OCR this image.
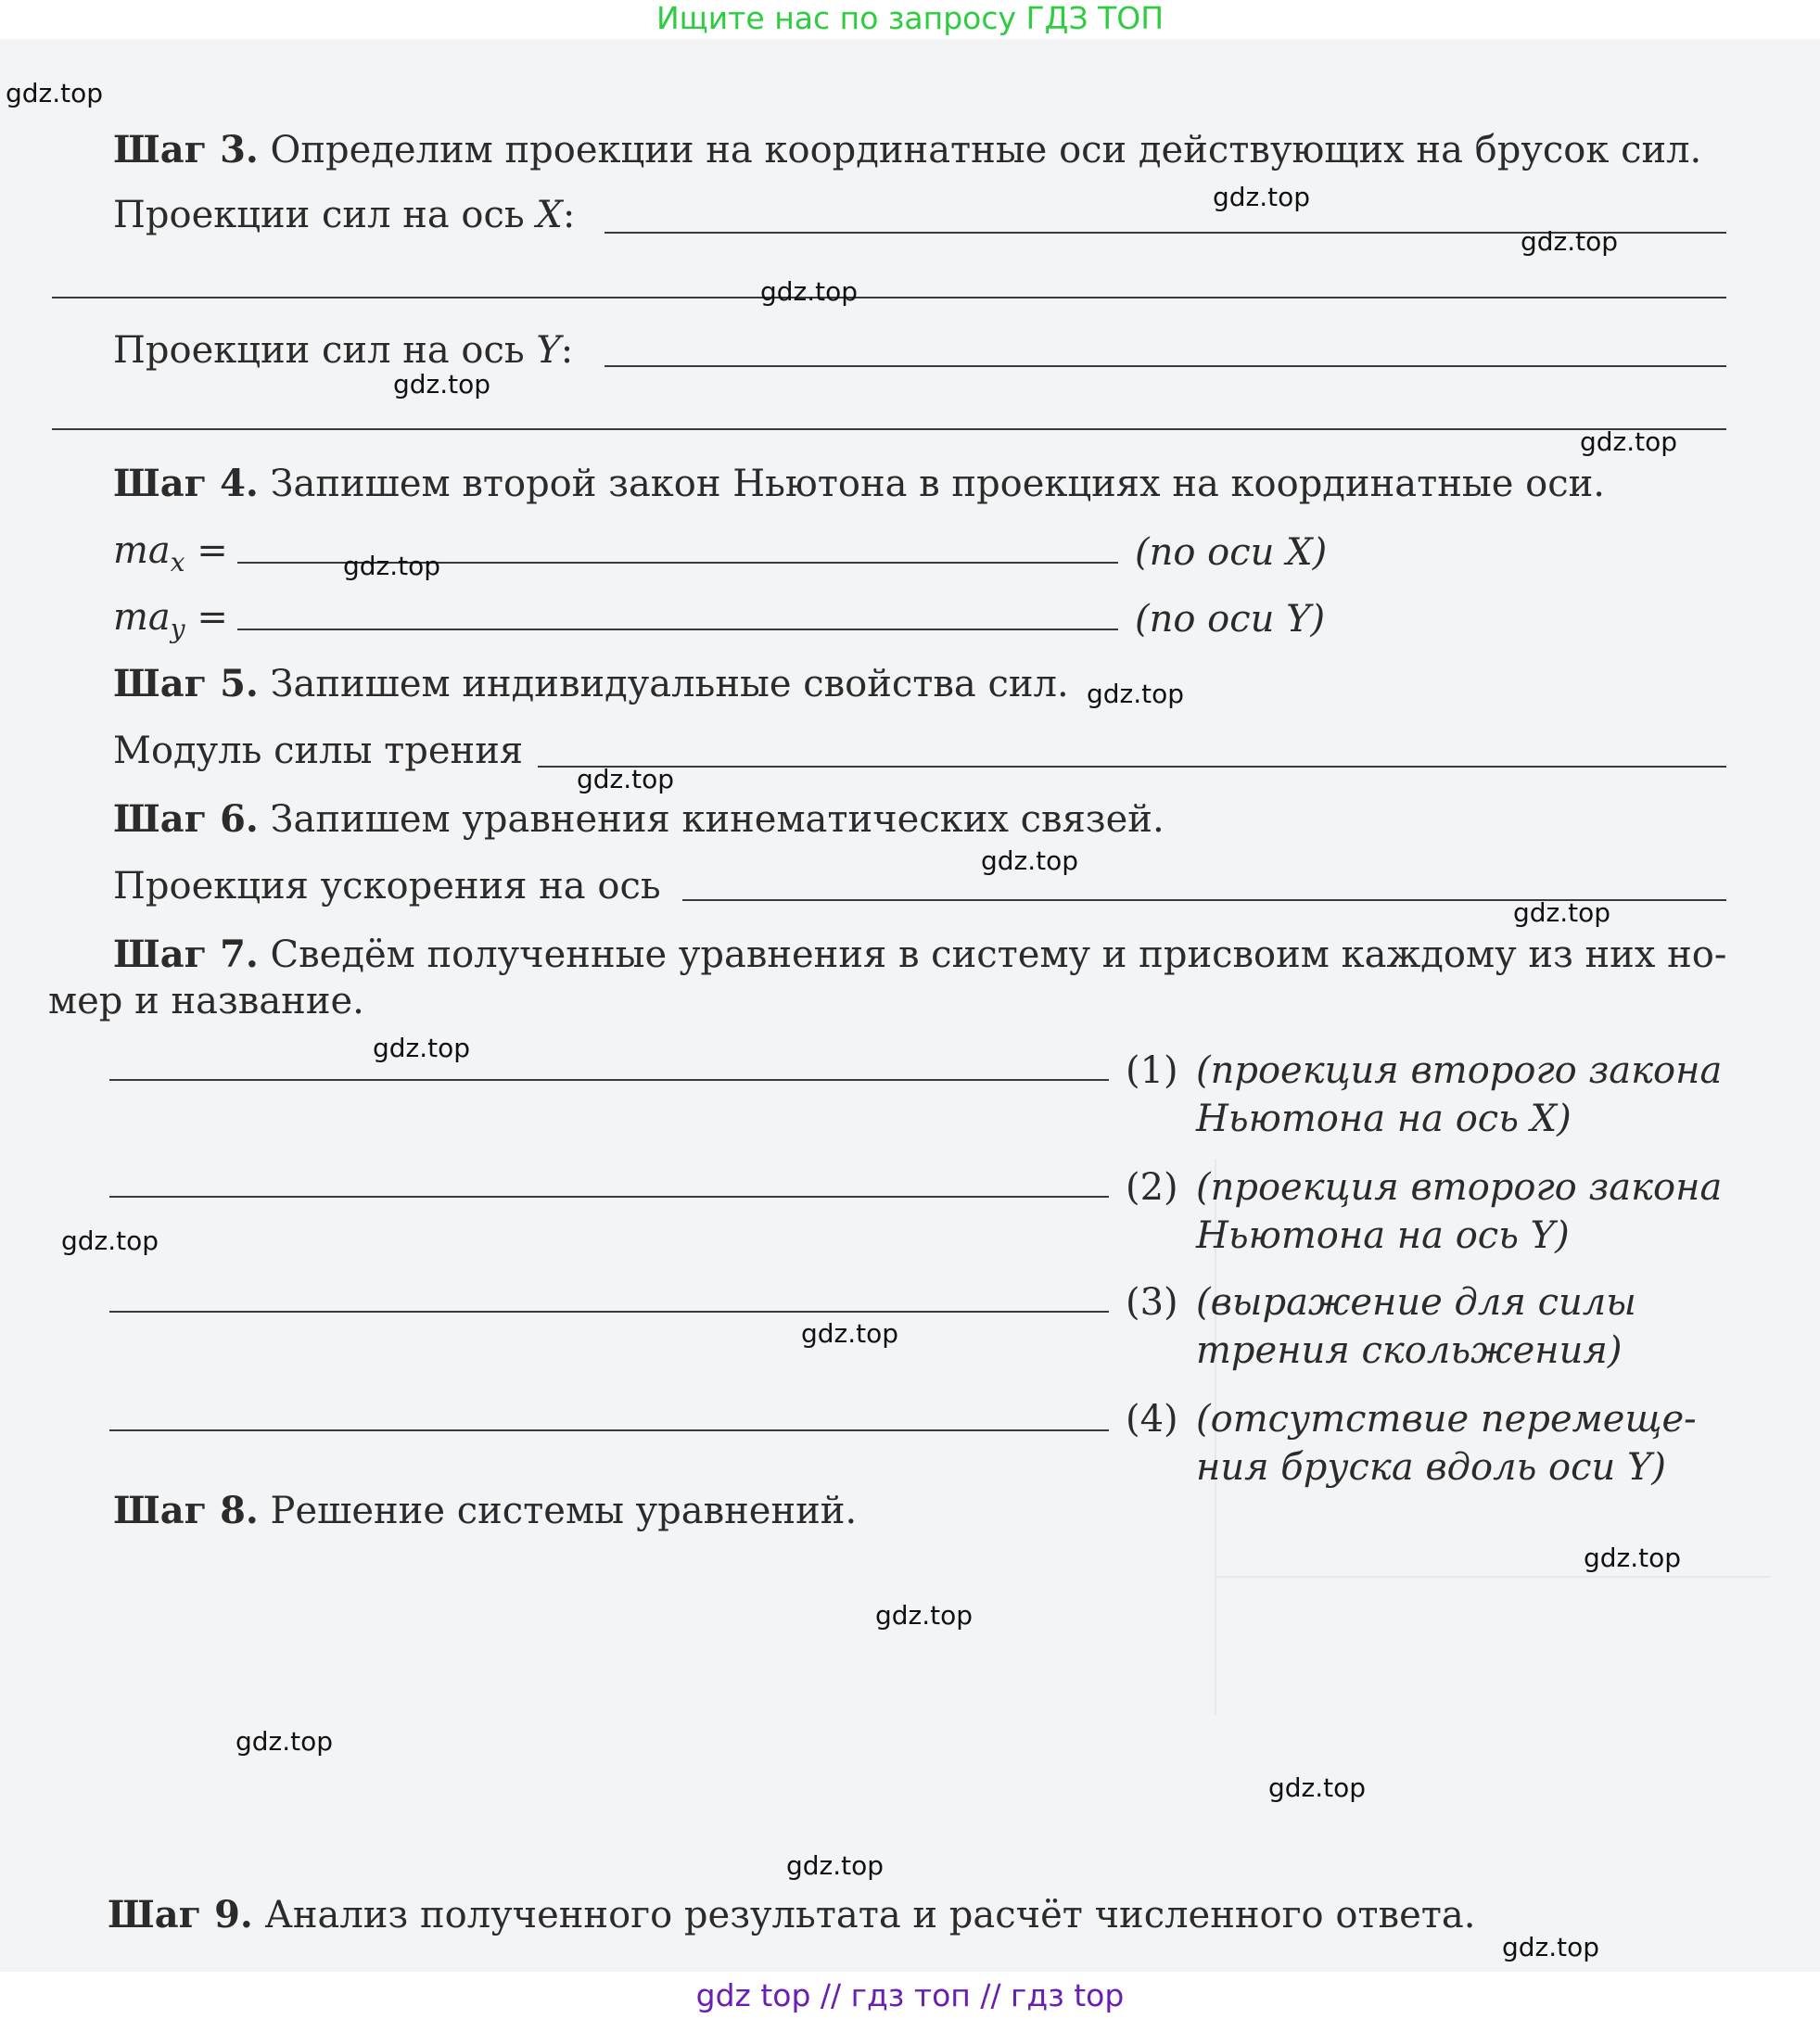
Ищите нас по запросу ГДЗ ТОП
Шаг 3. Определим проекции на координатные оси действующих на брусок сил.
Проекции сил на ось X:
Проекции сил на ось Y:
Шаг 4. Запишем второй закон Ньютона в проекциях на координатные оси.
$ma_x$ =	(по оси X)
$ma_y$ =	(по оси Y)
Шаг 5. Запишем индивидуальные свойства сил.
Модуль силы трения
Шаг 6. Запишем уравнения кинематических связей.
Проекция ускорения на ось
Шаг 7. Сведём полученные уравнения в систему и присвоим каждому из них но-
мер и название.
(1) (проекция второго закона
Ньютона на ось X)
(2) (проекция второго закона
Ньютона на ось Y)
(3) (выражение для силы
трения скольжения)
(4) (отсутствие перемеще-
ния бруска вдоль оси Y)
Шаг 8. Решение системы уравнений.
Шаг 9. Анализ полученного результата и расчёт численного ответа.
gdz.top
gdz.top
gdz.top
gdz.top
gdz.top
gdz.top
gdz.top
gdz.top
gdz.top
gdz.top
gdz.top
gdz.top
gdz.top
gdz.top
gdz.top
gdz.top
gdz.top
gdz.top
gdz.top
gdz.top
gdz top // гдз топ // гдз top
